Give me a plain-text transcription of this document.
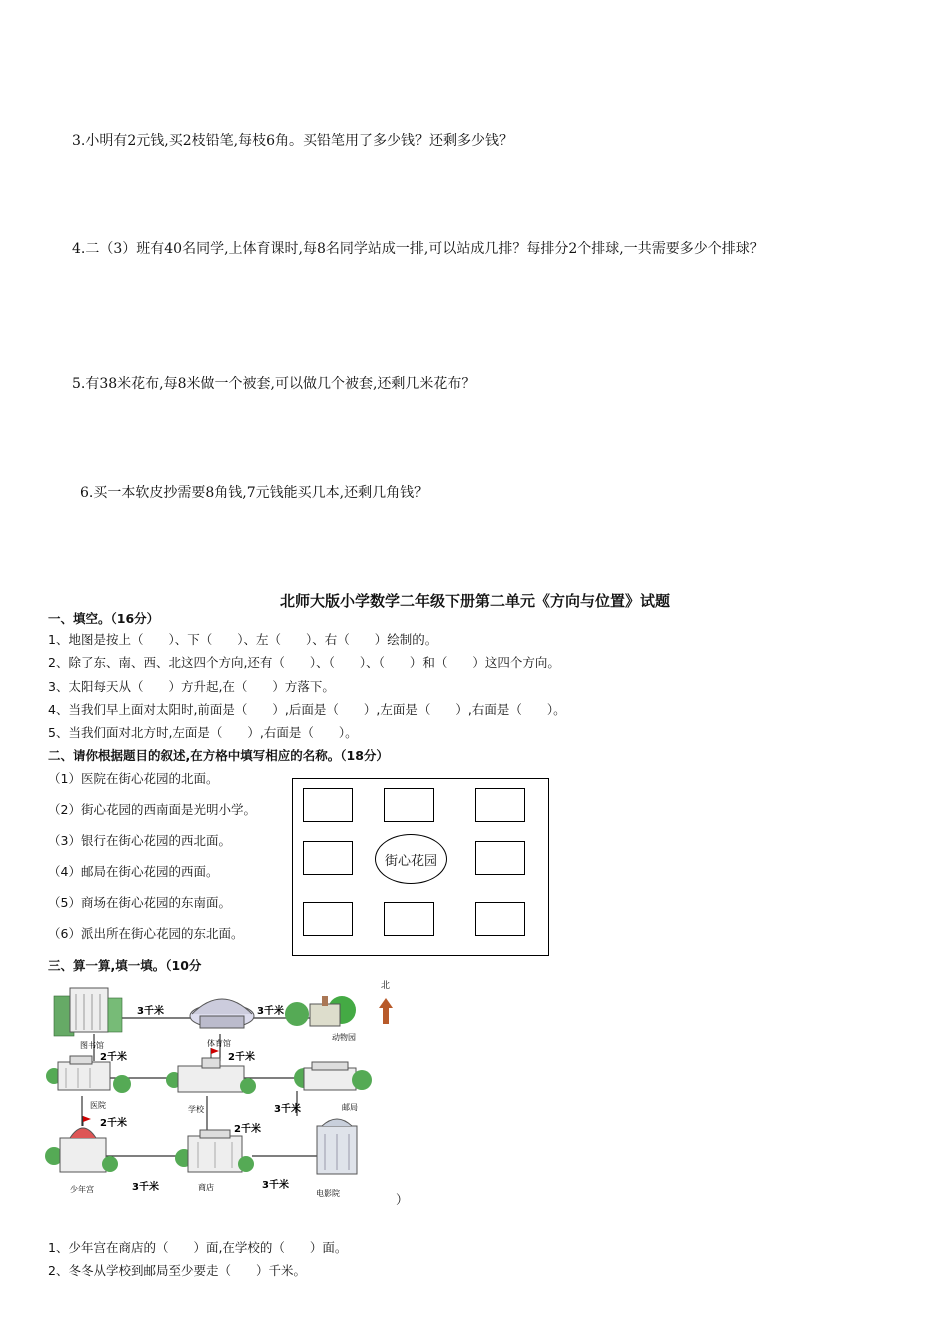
3.小明有2元钱,买2枝铅笔,每枝6角。买铅笔用了多少钱？还剩多少钱？
4.二（3）班有40名同学,上体育课时,每8名同学站成一排,可以站成几排？每排分2个排球,一共需要多少个排球？
5.有38米花布,每8米做一个被套,可以做几个被套,还剩几米花布？
6.买一本软皮抄需要8角钱,7元钱能买几本,还剩几角钱？
北师大版小学数学二年级下册第二单元《方向与位置》试题
一、填空。（16分）
1、地图是按上（　　）、下（　　）、左（　　）、右（　　）绘制的。
2、除了东、南、西、北这四个方向,还有（　　）、（　　）、（　　）和（　　）这四个方向。
3、太阳每天从（　　）方升起,在（　　）方落下。
4、当我们早上面对太阳时,前面是（　　）,后面是（　　）,左面是（　　）,右面是（　　）。
5、当我们面对北方时,左面是（　　）,右面是（　　）。
二、请你根据题目的叙述,在方格中填写相应的名称。（18分）
（1）医院在街心花园的北面。
（2）街心花园的西南面是光明小学。
（3）银行在街心花园的西北面。
（4）邮局在街心花园的西面。
（5）商场在街心花园的东南面。
（6）派出所在街心花园的东北面。
街心花园
三、算一算,填一填。（10分
图书馆	体育馆
动物园
医院	学校	邮局
少年宫	商店
电影院
3千米	3千米
2千米	2千米
3千米
2千米
2千米
3千米	3千米
北
）
1、少年宫在商店的（　　）面,在学校的（　　）面。
2、冬冬从学校到邮局至少要走（　　）千米。
